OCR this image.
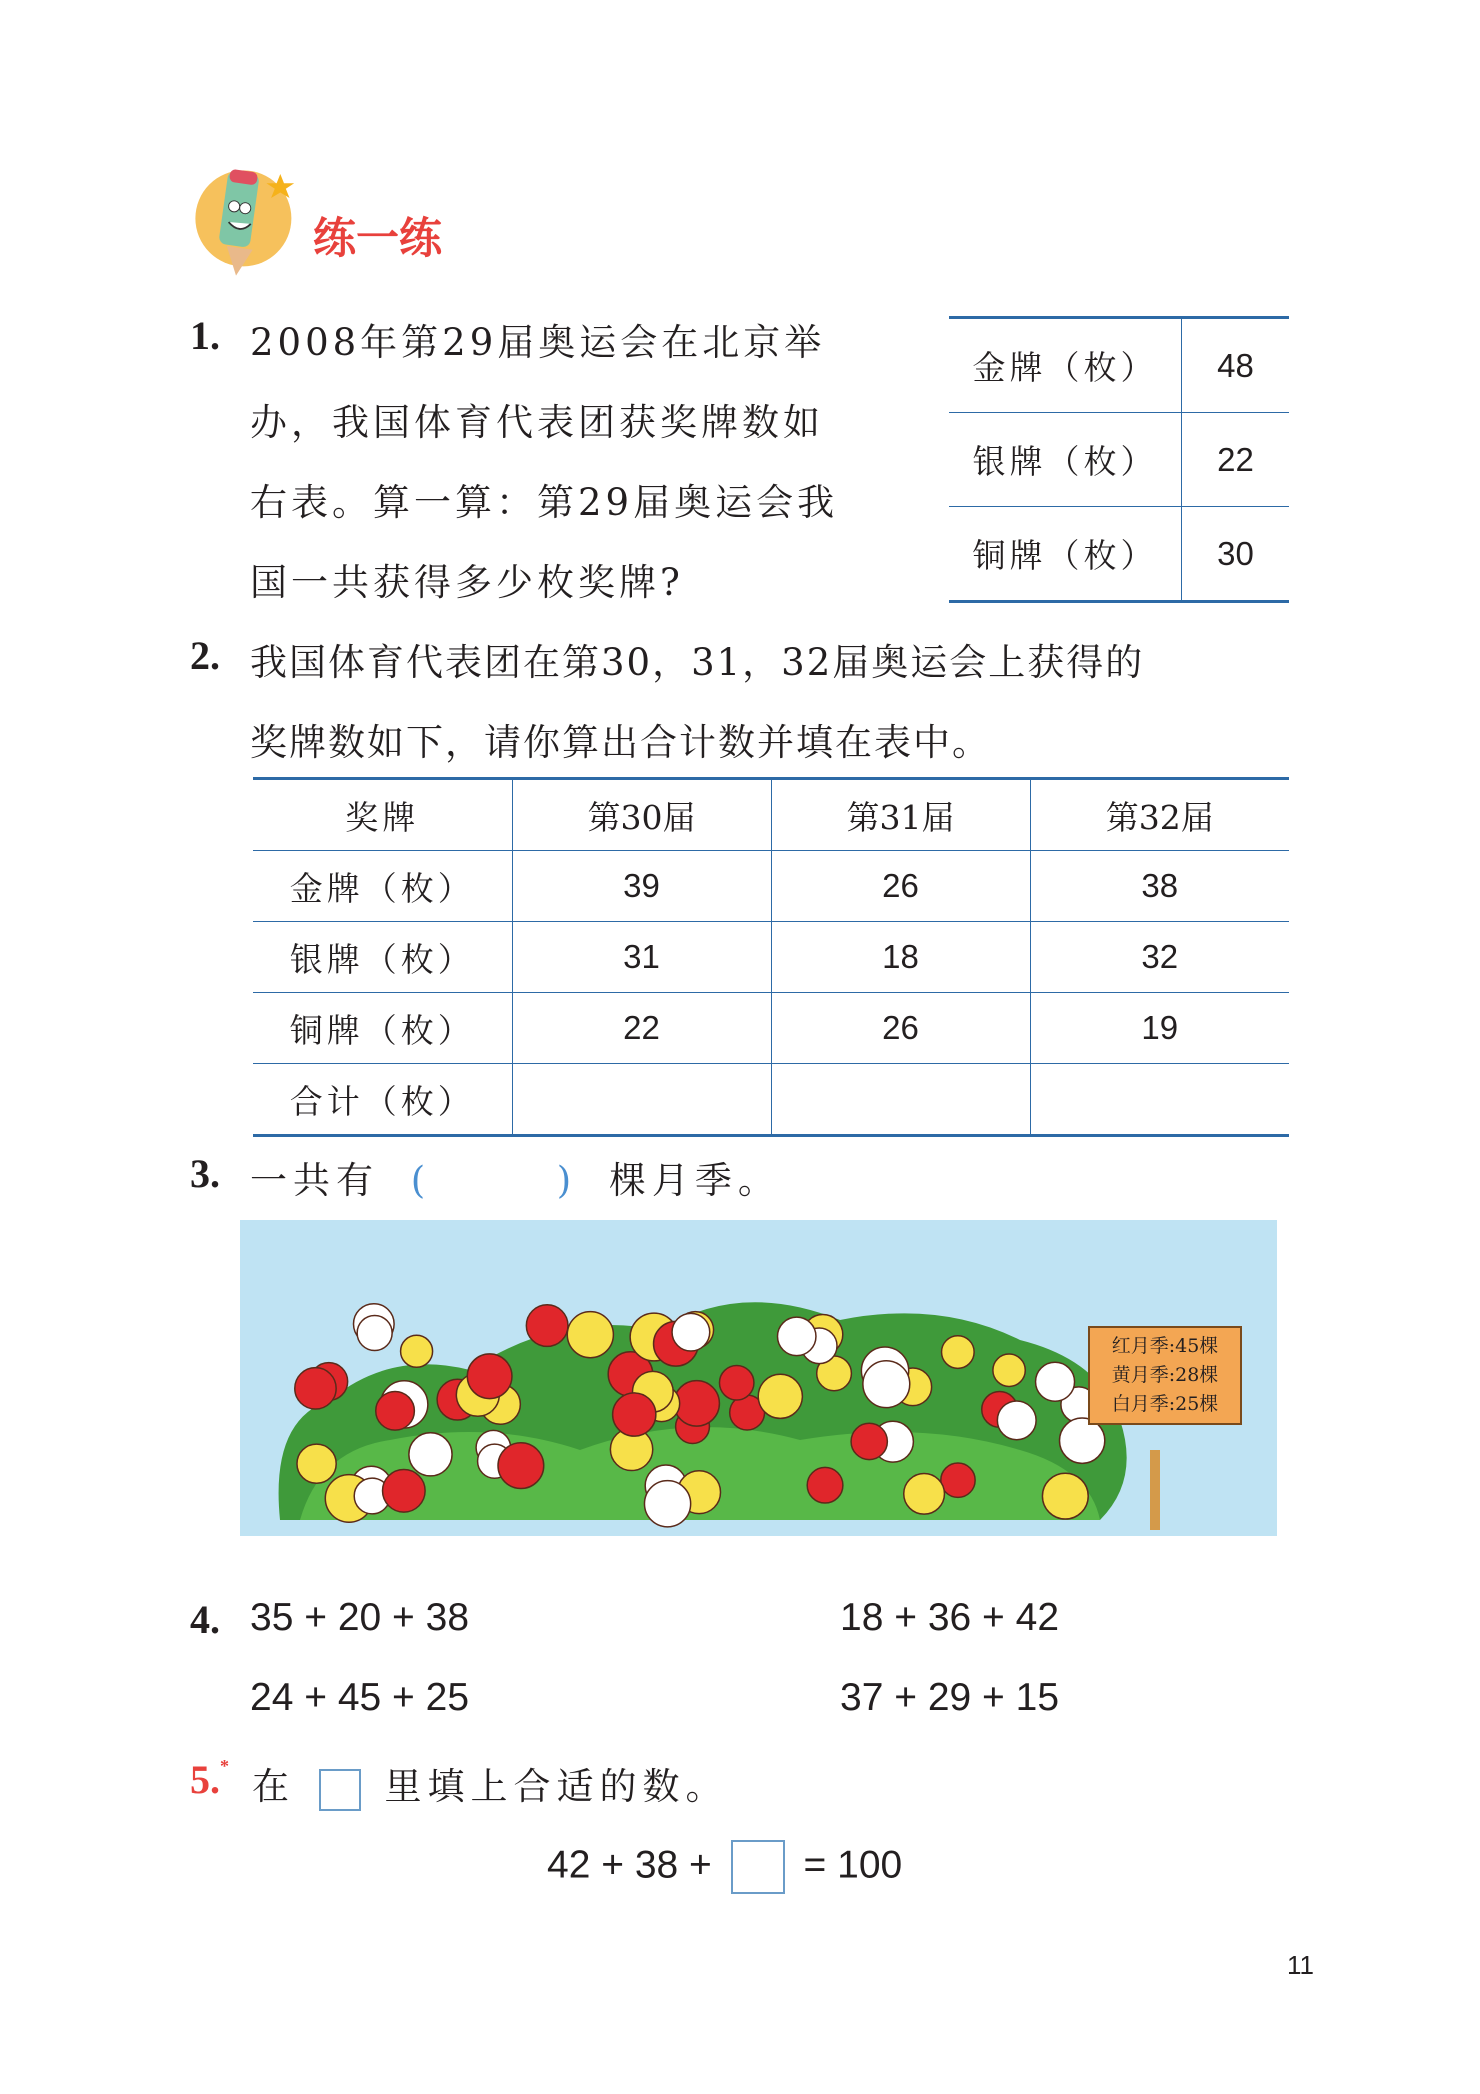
练一练
1. 2008年第29届奥运会在北京举
办，我国体育代表团获奖牌数如
右表。算一算：第29届奥运会我
国一共获得多少枚奖牌?
金牌（枚）	48
银牌（枚）	22
铜牌（枚）	30
2. 我国体育代表团在第30，31，32届奥运会上获得的
奖牌数如下，请你算出合计数并填在表中。
奖牌	第30届	第31届	第32届
金牌（枚）	39	26	38
银牌（枚）	31	18	32
铜牌（枚）	22	26	19
合计（枚）			
3. 一共有 (	) 棵月季。
红月季:45棵
黄月季:28棵
白月季:25棵
4. 35 + 20 + 38	18 + 36 + 42
24 + 45 + 25	37 + 29 + 15
5.* 在 里填上合适的数。
42 + 38 + = 100
11
